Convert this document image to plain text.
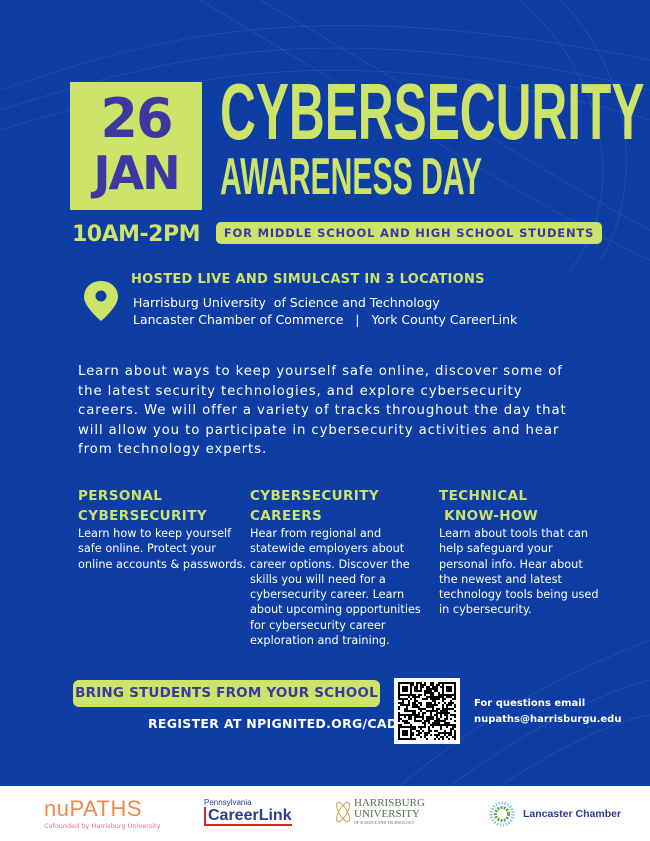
26
JAN
CYBERSECURITY
AWARENESS DAY
10AM-2PM	FOR MIDDLE SCHOOL AND HIGH SCHOOL STUDENTS
HOSTED LIVE AND SIMULCAST IN 3 LOCATIONS
Harrisburg University  of Science and Technology
Lancaster Chamber of Commerce   |   York County CareerLink
Learn about ways to keep yourself safe online, discover some of the latest security technologies, and explore cybersecurity careers. We will offer a variety of tracks throughout the day that will allow you to participate in cybersecurity activities and hear from technology experts.
PERSONAL
CYBERSECURITY

Learn how to keep yourself safe online. Protect your online accounts & passwords.

CYBERSECURITY
CAREERS

Hear from regional and statewide employers about career options. Discover the skills you will need for a cybersecurity career. Learn about upcoming opportunities for cybersecurity career exploration and training.

TECHNICAL
KNOW-HOW

Learn about tools that can help safeguard your personal info. Hear about the newest and latest technology tools being used in cybersecurity.

BRING STUDENTS FROM YOUR SCHOOL
REGISTER AT NPIGNITED.ORG/CAD
For questions email
nupaths@harrisburgu.edu
nuPATHS
Cofounded by Harrisburg University
Pennsylvania
CareerLink
HARRISBURG
UNIVERSITY
OF SCIENCE AND TECHNOLOGY
Lancaster Chamber
